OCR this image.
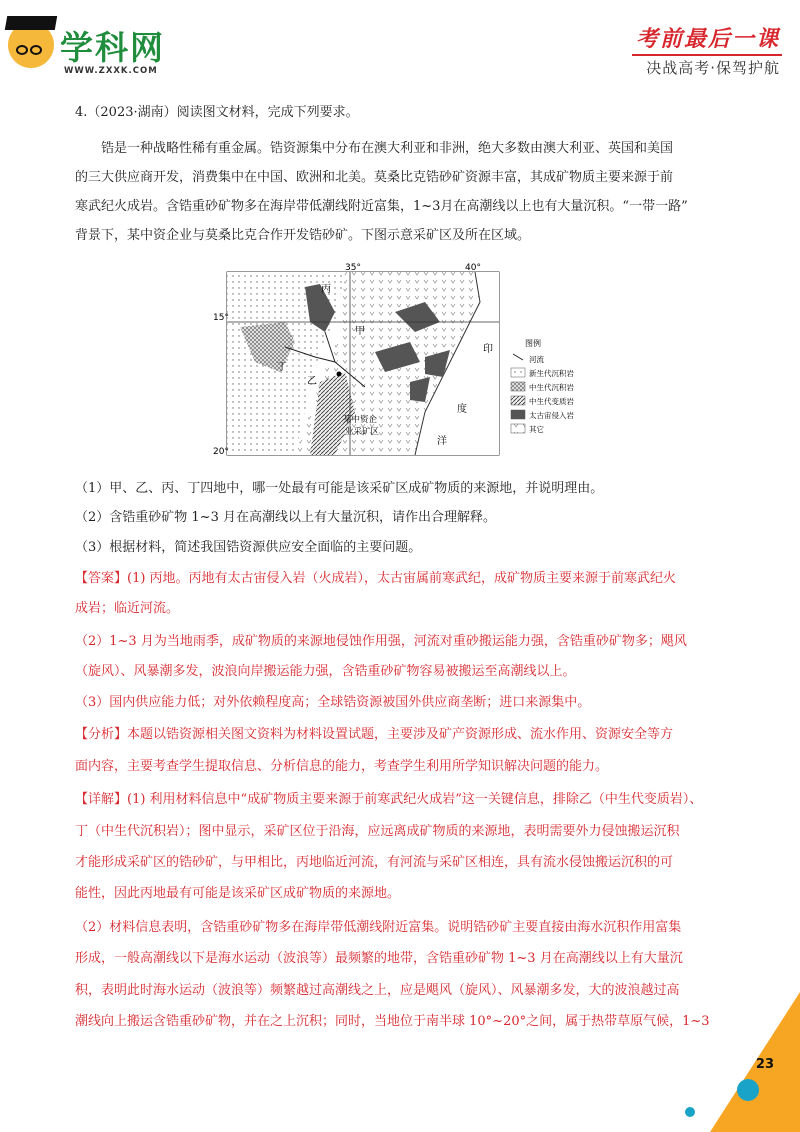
学科网
WWW.ZXXK.COM
考前最后一课
决战高考·保驾护航
4.（2023·湖南）阅读图文材料，完成下列要求。
锆是一种战略性稀有重金属。锆资源集中分布在澳大利亚和非洲，绝大多数由澳大利亚、英国和美国
的三大供应商开发，消费集中在中国、欧洲和北美。莫桑比克锆砂矿资源丰富，其成矿物质主要来源于前
寒武纪火成岩。含锆重砂矿物多在海岸带低潮线附近富集，1~3月在高潮线以上也有大量沉积。“一带一路”
背景下，某中资企业与莫桑比克合作开发锆砂矿。下图示意采矿区及所在区域。
35°	40°
15°
20°
丙
甲
乙
丁
印
度
洋
某中资企
业采矿区
图例
河流
新生代沉积岩
中生代沉积岩
中生代变质岩
太古宙侵入岩
其它
（1）甲、乙、丙、丁四地中，哪一处最有可能是该采矿区成矿物质的来源地，并说明理由。
（2）含锆重砂矿物 1~3 月在高潮线以上有大量沉积，请作出合理解释。
（3）根据材料，简述我国锆资源供应安全面临的主要问题。
【答案】(1) 丙地。丙地有太古宙侵入岩（火成岩），太古宙属前寒武纪，成矿物质主要来源于前寒武纪火
成岩；临近河流。
（2）1~3 月为当地雨季，成矿物质的来源地侵蚀作用强，河流对重砂搬运能力强，含锆重砂矿物多；飓风
（旋风）、风暴潮多发，波浪向岸搬运能力强，含锆重砂矿物容易被搬运至高潮线以上。
（3）国内供应能力低；对外依赖程度高；全球锆资源被国外供应商垄断；进口来源集中。
【分析】本题以锆资源相关图文资料为材料设置试题，主要涉及矿产资源形成、流水作用、资源安全等方
面内容，主要考查学生提取信息、分析信息的能力，考查学生利用所学知识解决问题的能力。
【详解】(1) 利用材料信息中“成矿物质主要来源于前寒武纪火成岩”这一关键信息，排除乙（中生代变质岩）、
丁（中生代沉积岩）；图中显示，采矿区位于沿海，应远离成矿物质的来源地，表明需要外力侵蚀搬运沉积
才能形成采矿区的锆砂矿，与甲相比，丙地临近河流，有河流与采矿区相连，具有流水侵蚀搬运沉积的可
能性，因此丙地最有可能是该采矿区成矿物质的来源地。
（2）材料信息表明，含锆重砂矿物多在海岸带低潮线附近富集。说明锆砂矿主要直接由海水沉积作用富集
形成，一般高潮线以下是海水运动（波浪等）最频繁的地带，含锆重砂矿物 1~3 月在高潮线以上有大量沉
积，表明此时海水运动（波浪等）频繁越过高潮线之上，应是飓风（旋风）、风暴潮多发，大的波浪越过高
潮线向上搬运含锆重砂矿物，并在之上沉积；同时，当地位于南半球 10°~20°之间，属于热带草原气候，1~3
23
